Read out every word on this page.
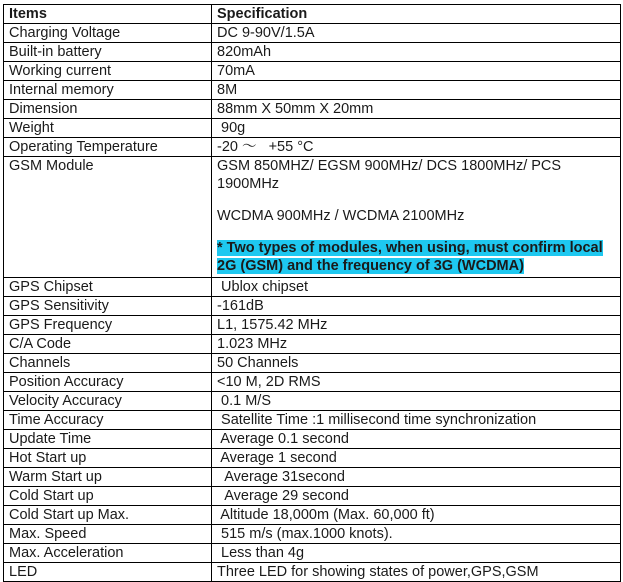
Items	Specification
Charging Voltage	DC 9-90V/1.5A
Built-in battery	820mAh
Working current	70mA
Internal memory	8M
Dimension	88mm X 50mm X 20mm
Weight	90g
Operating Temperature	-20 ～   +55 °C
GSM Module	GSM 850MHZ/ EGSM 900MHz/ DCS 1800MHz/ PCS 1900MHz

WCDMA 900MHz / WCDMA 2100MHz

* Two types of modules, when using, must confirm local 2G (GSM) and the frequency of 3G (WCDMA)

GPS Chipset	Ublox chipset
GPS Sensitivity	-161dB
GPS Frequency	L1, 1575.42 MHz
C/A Code	1.023 MHz
Channels	50 Channels
Position Accuracy	<10 M, 2D RMS
Velocity Accuracy	0.1 M/S
Time Accuracy	Satellite Time :1 millisecond time synchronization
Update Time	Average 0.1 second
Hot Start up	Average 1 second
Warm Start up	Average 31second
Cold Start up	Average 29 second
Cold Start up Max.	Altitude 18,000m (Max. 60,000 ft)
Max. Speed	515 m/s (max.1000 knots).
Max. Acceleration	Less than 4g
LED	Three LED for showing states of power,GPS,GSM
